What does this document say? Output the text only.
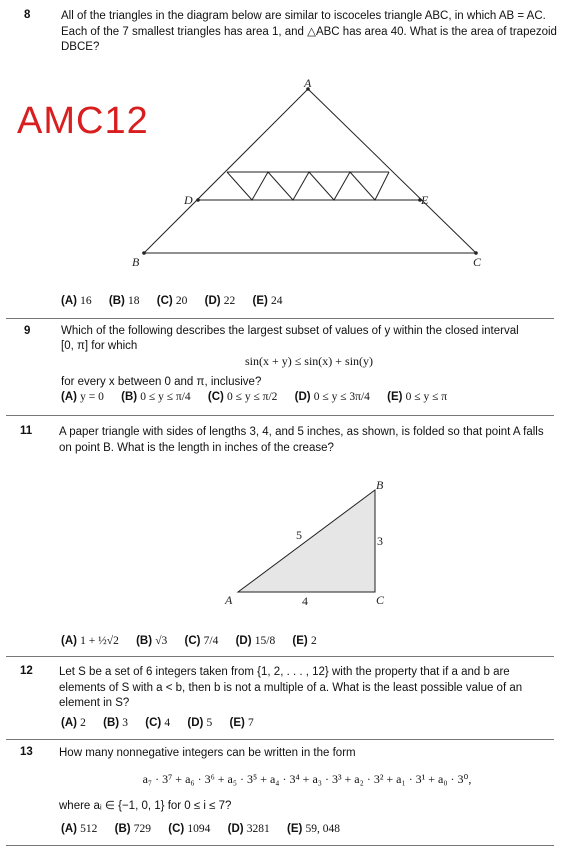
AMC12
8	All of the triangles in the diagram below are similar to iscoceles triangle ABC, in which AB = AC. Each of the 7 smallest triangles has area 1, and △ABC has area 40. What is the area of trapezoid DBCE?
A
B	C
D	E
(A) 16 (B) 18 (C) 20 (D) 22 (E) 24
9	Which of the following describes the largest subset of values of y within the closed interval
[0, π] for which
sin(x + y) ≤ sin(x) + sin(y)
for every x between 0 and π, inclusive?
(A) y = 0 (B) 0 ≤ y ≤ π/4 (C) 0 ≤ y ≤ π/2 (D) 0 ≤ y ≤ 3π/4 (E) 0 ≤ y ≤ π
11 A paper triangle with sides of lengths 3, 4, and 5 inches, as shown, is folded so that point A falls on point B. What is the length in inches of the crease?
B
A	C
5	3
4
(A) 1 + ½√2 (B) √3 (C) 7/4 (D) 15/8 (E) 2
12 Let S be a set of 6 integers taken from {1, 2, . . . , 12} with the property that if a and b are elements of S with a < b, then b is not a multiple of a. What is the least possible value of an element in S?
(A) 2 (B) 3 (C) 4 (D) 5 (E) 7
13 How many nonnegative integers can be written in the form
a₇ · 3⁷ + a₆ · 3⁶ + a₅ · 3⁵ + a₄ · 3⁴ + a₃ · 3³ + a₂ · 3² + a₁ · 3¹ + a₀ · 3⁰,
where aᵢ ∈ {−1, 0, 1} for 0 ≤ i ≤ 7?
(A) 512 (B) 729 (C) 1094 (D) 3281 (E) 59, 048
